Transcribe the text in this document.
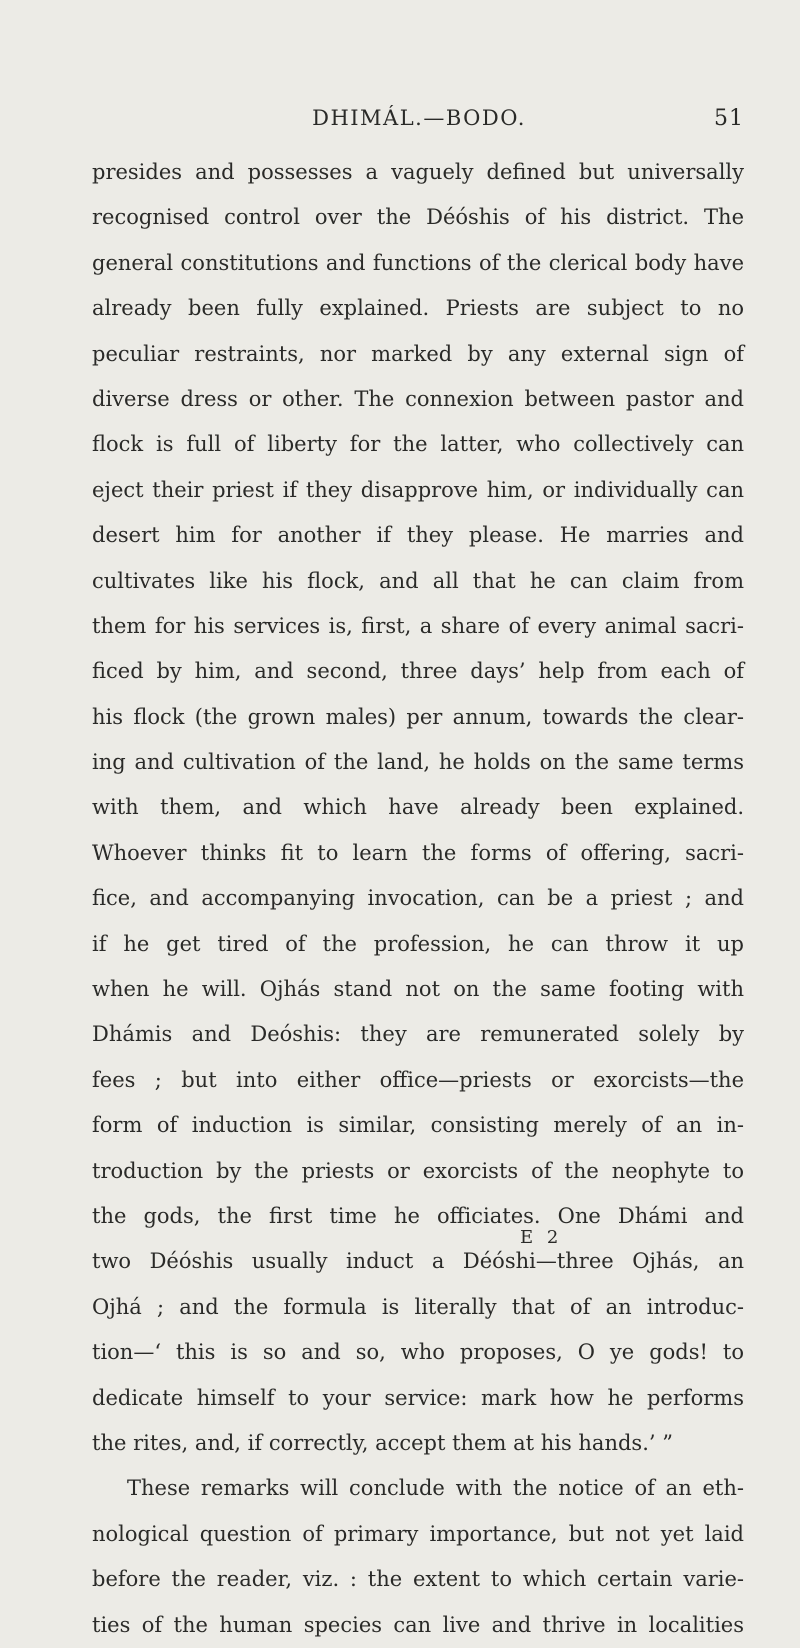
DHIMÁL.—BODO.	51
presides and possesses a vaguely defined but universally
recognised control over the Déóshis of his district. The
general constitutions and functions of the clerical body have
already been fully explained. Priests are subject to no
peculiar restraints, nor marked by any external sign of
diverse dress or other. The connexion between pastor and
flock is full of liberty for the latter, who collectively can
eject their priest if they disapprove him, or individually can
desert him for another if they please. He marries and
cultivates like his flock, and all that he can claim from
them for his services is, first, a share of every animal sacri-
ficed by him, and second, three days’ help from each of
his flock (the grown males) per annum, towards the clear-
ing and cultivation of the land, he holds on the same terms
with them, and which have already been explained.
Whoever thinks fit to learn the forms of offering, sacri-
fice, and accompanying invocation, can be a priest ; and
if he get tired of the profession, he can throw it up
when he will. Ojhás stand not on the same footing with
Dhámis and Deóshis: they are remunerated solely by
fees ; but into either office—priests or exorcists—the
form of induction is similar, consisting merely of an in-
troduction by the priests or exorcists of the neophyte to
the gods, the first time he officiates. One Dhámi and
two Déóshis usually induct a Déóshi—three Ojhás, an
Ojhá ; and the formula is literally that of an introduc-
tion—‘ this is so and so, who proposes, O ye gods! to
dedicate himself to your service: mark how he performs
the rites, and, if correctly, accept them at his hands.’ ”
These remarks will conclude with the notice of an eth-
nological question of primary importance, but not yet laid
before the reader, viz. : the extent to which certain varie-
ties of the human species can live and thrive in localities
E 2
